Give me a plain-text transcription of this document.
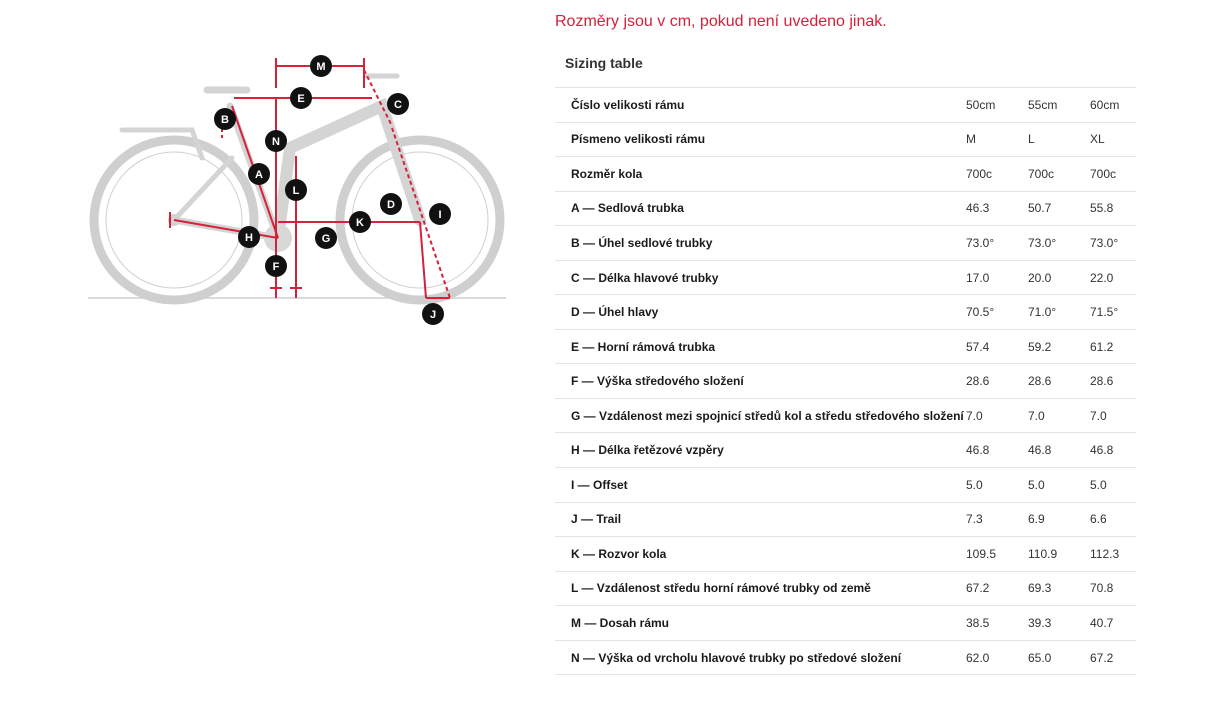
M
E	C
B
N
A
L
D
I
K
H	G
F
J
Rozměry jsou v cm, pokud není uvedeno jinak.
Sizing table
Číslo velikosti rámu	50cm	55cm	60cm
Písmeno velikosti rámu	M	L	XL
Rozměr kola	700c	700c	700c
A — Sedlová trubka	46.3	50.7	55.8
B — Úhel sedlové trubky	73.0°	73.0°	73.0°
C — Délka hlavové trubky	17.0	20.0	22.0
D — Úhel hlavy	70.5°	71.0°	71.5°
E — Horní rámová trubka	57.4	59.2	61.2
F — Výška středového složení	28.6	28.6	28.6
G — Vzdálenost mezi spojnicí středů kol a středu středového složení	7.0	7.0	7.0
H — Délka řetězové vzpěry	46.8	46.8	46.8
I — Offset	5.0	5.0	5.0
J — Trail	7.3	6.9	6.6
K — Rozvor kola	109.5	110.9	112.3
L — Vzdálenost středu horní rámové trubky od země	67.2	69.3	70.8
M — Dosah rámu	38.5	39.3	40.7
N — Výška od vrcholu hlavové trubky po středové složení	62.0	65.0	67.2
